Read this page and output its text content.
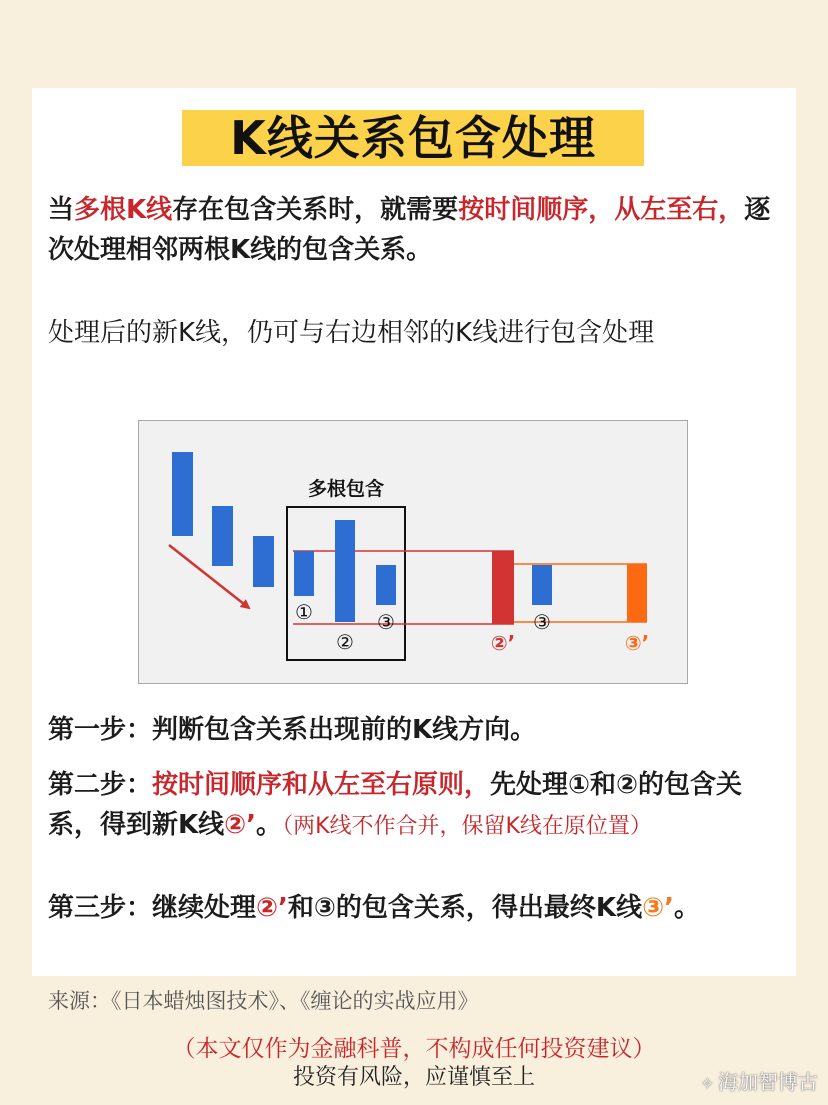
K线关系包含处理
当多根K线存在包含关系时，就需要按时间顺序，从左至右，逐次处理相邻两根K线的包含关系。
处理后的新K线，仍可与右边相邻的K线进行包含处理
多根包含
①
②
③
②’
③
③’
第一步：判断包含关系出现前的K线方向。
第二步：按时间顺序和从左至右原则，先处理①和②的包含关系，得到新K线②’。（两K线不作合并，保留K线在原位置）
第三步：继续处理②’和③的包含关系，得出最终K线③’。
来源：《日本蜡烛图技术》、《缠论的实战应用》
（本文仅作为金融科普，不构成任何投资建议）
投资有风险，应谨慎至上	✧ 海加智博古
